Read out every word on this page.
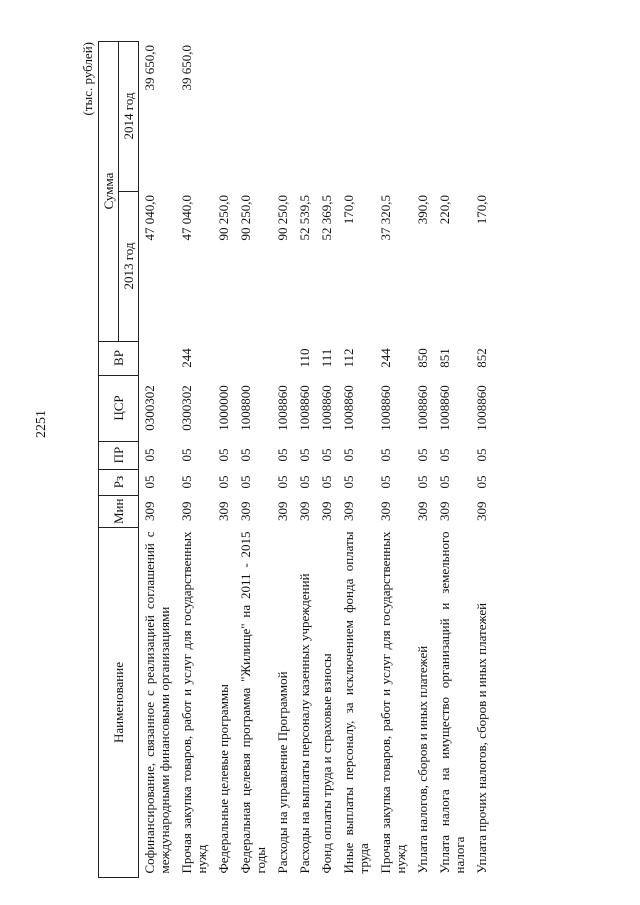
2251
(тыс. рублей)
Наименование	Мин	Рз	ПР	ЦСР	ВР	Сумма	
						2013 год	2014 год
Софинансирование, связанное с реализацией соглашений с международными финансовыми организациями	309	05	05	0300302		47 040,0	39 650,0
Прочая закупка товаров, работ и услуг для государственных нужд	309	05	05	0300302	244	47 040,0	39 650,0
Федеральные целевые программы	309	05	05	1000000		90 250,0	
Федеральная целевая программа "Жилище" на 2011 - 2015 годы	309	05	05	1008800		90 250,0	
Расходы на управление Программой	309	05	05	1008860		90 250,0	
Расходы на выплаты персоналу казенных учреждений	309	05	05	1008860	110	52 539,5	
Фонд оплаты труда и страховые взносы	309	05	05	1008860	111	52 369,5	
Иные выплаты персоналу, за исключением фонда оплаты труда	309	05	05	1008860	112	170,0	
Прочая закупка товаров, работ и услуг для государственных нужд	309	05	05	1008860	244	37 320,5	
Уплата налогов, сборов и иных платежей	309	05	05	1008860	850	390,0	
Уплата налога на имущество организаций и земельного налога	309	05	05	1008860	851	220,0	
Уплата прочих налогов, сборов и иных платежей	309	05	05	1008860	852	170,0	
